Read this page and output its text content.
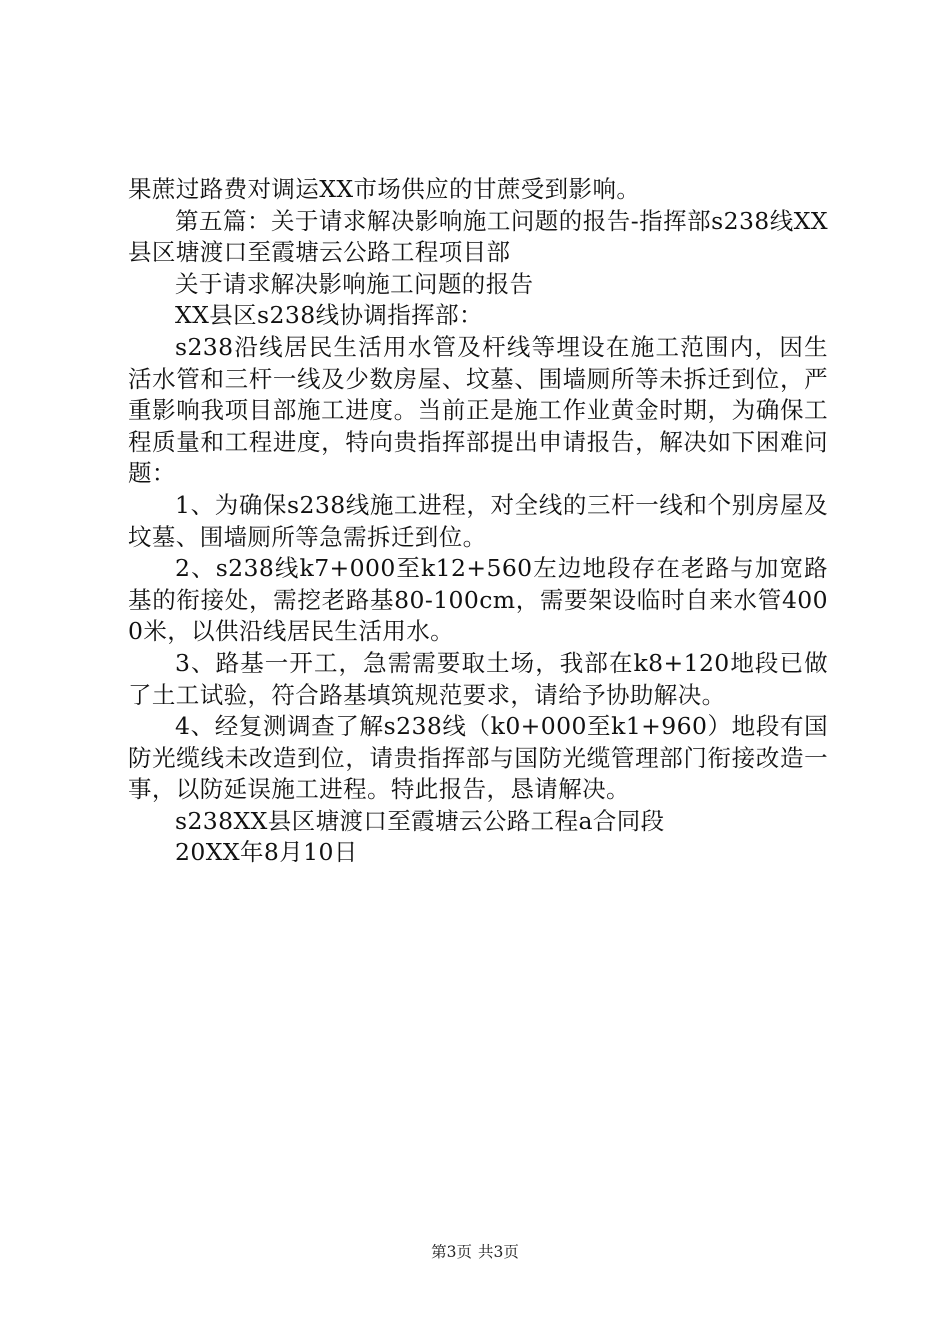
果蔗过路费对调运XX市场供应的甘蔗受到影响。

第五篇：关于请求解决影响施工问题的报告-指挥部s238线XX县区塘渡口至霞塘云公路工程项目部

关于请求解决影响施工问题的报告

XX县区s238线协调指挥部：

s238沿线居民生活用水管及杆线等埋设在施工范围内，因生活水管和三杆一线及少数房屋、坟墓、围墙厕所等未拆迁到位，严重影响我项目部施工进度。当前正是施工作业黄金时期，为确保工程质量和工程进度，特向贵指挥部提出申请报告，解决如下困难问题：

1、为确保s238线施工进程，对全线的三杆一线和个别房屋及坟墓、围墙厕所等急需拆迁到位。

2、s238线k7+000至k12+560左边地段存在老路与加宽路基的衔接处，需挖老路基80-100cm，需要架设临时自来水管4000米，以供沿线居民生活用水。

3、路基一开工，急需需要取土场，我部在k8+120地段已做了土工试验，符合路基填筑规范要求，请给予协助解决。

4、经复测调查了解s238线（k0+000至k1+960）地段有国防光缆线未改造到位，请贵指挥部与国防光缆管理部门衔接改造一事，以防延误施工进程。特此报告，恳请解决。

s238XX县区塘渡口至霞塘云公路工程a合同段

20XX年8月10日

第3页 共3页
